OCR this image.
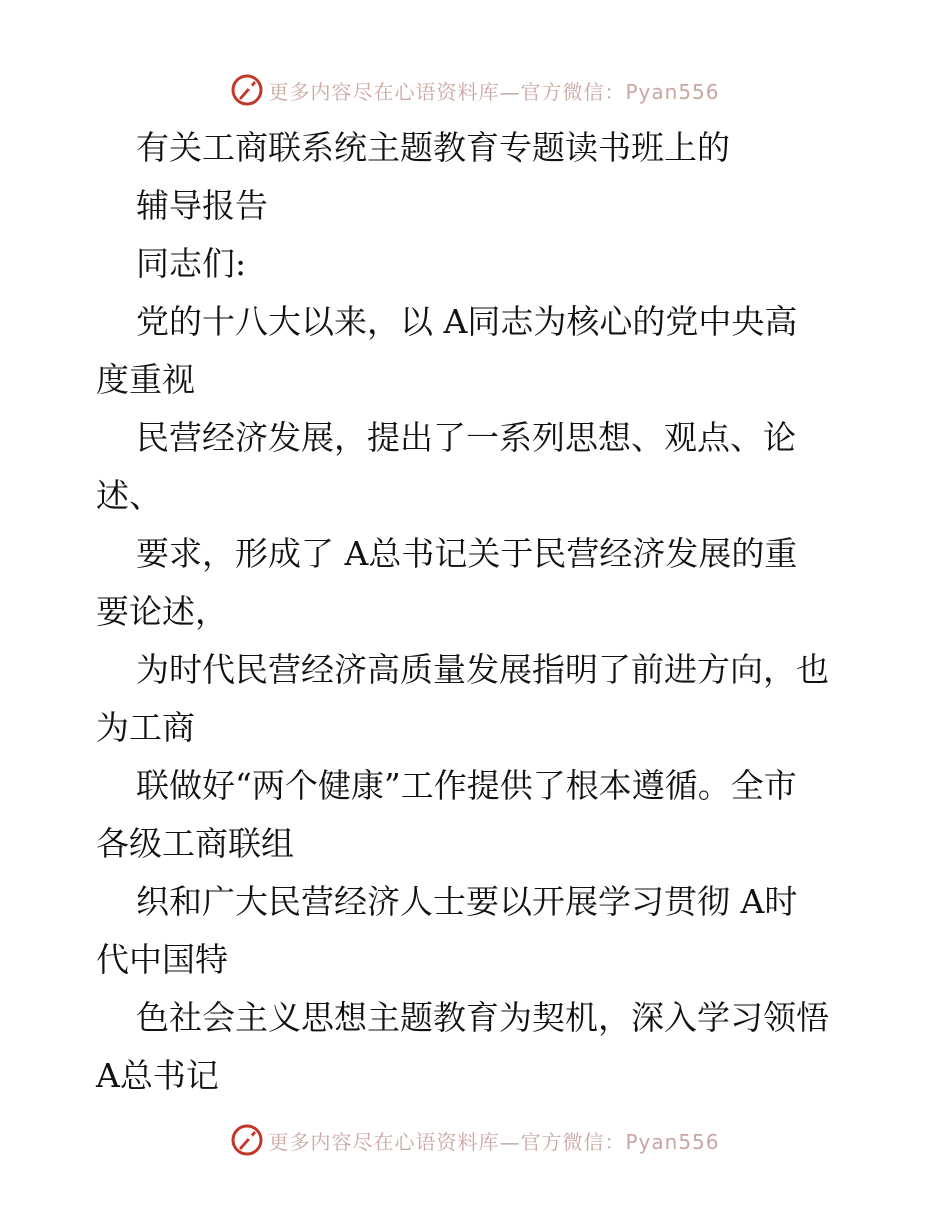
更多内容尽在心语资料库—官方微信：Pyan556
有关工商联系统主题教育专题读书班上的
辅导报告
同志们:
党的十八大以来，以 A同志为核心的党中央高
度重视
民营经济发展，提出了一系列思想、观点、论
述、
要求，形成了 A总书记关于民营经济发展的重
要论述，
为时代民营经济高质量发展指明了前进方向，也
为工商
联做好“两个健康”工作提供了根本遵循。全市
各级工商联组
织和广大民营经济人士要以开展学习贯彻 A时
代中国特
色社会主义思想主题教育为契机，深入学习领悟
A总书记
更多内容尽在心语资料库—官方微信：Pyan556
